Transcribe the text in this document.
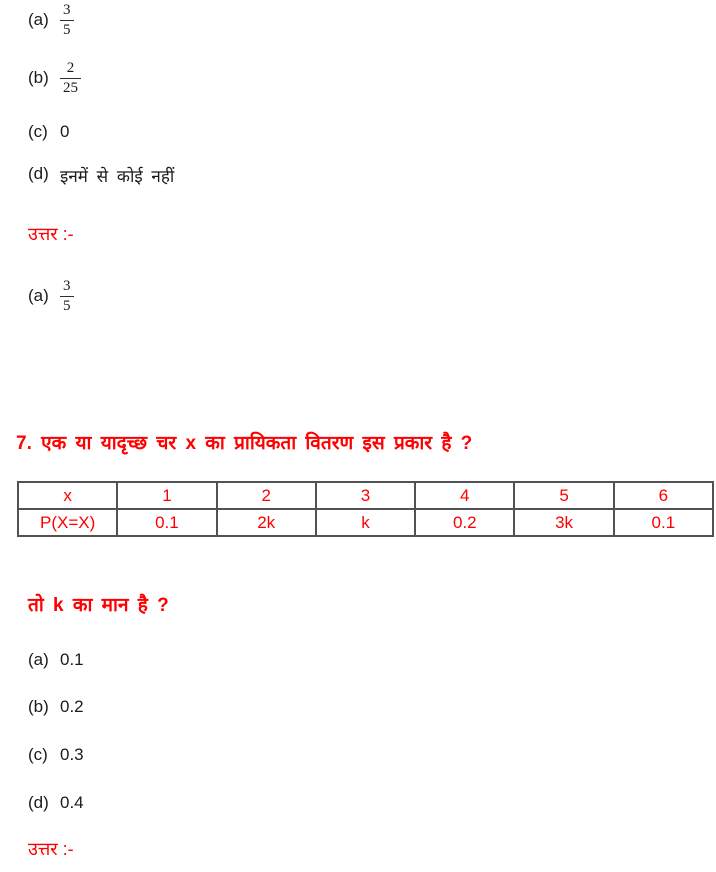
$(a) \frac{3}{5}$
$(b) \frac{2}{25}$
(c) 0
(d) इनमें से कोई नहीं
उत्तर :-
$(a) \frac{3}{5}$
7. एक या यादृच्छ चर x का प्रायिकता वितरण इस प्रकार है ?
x	1	2	3	4	5	6
P(X=X)	0.1	2k	k	0.2	3k	0.1
तो k का मान है ?
(a) 0.1
(b) 0.2
(c) 0.3
(d) 0.4
उत्तर :-
